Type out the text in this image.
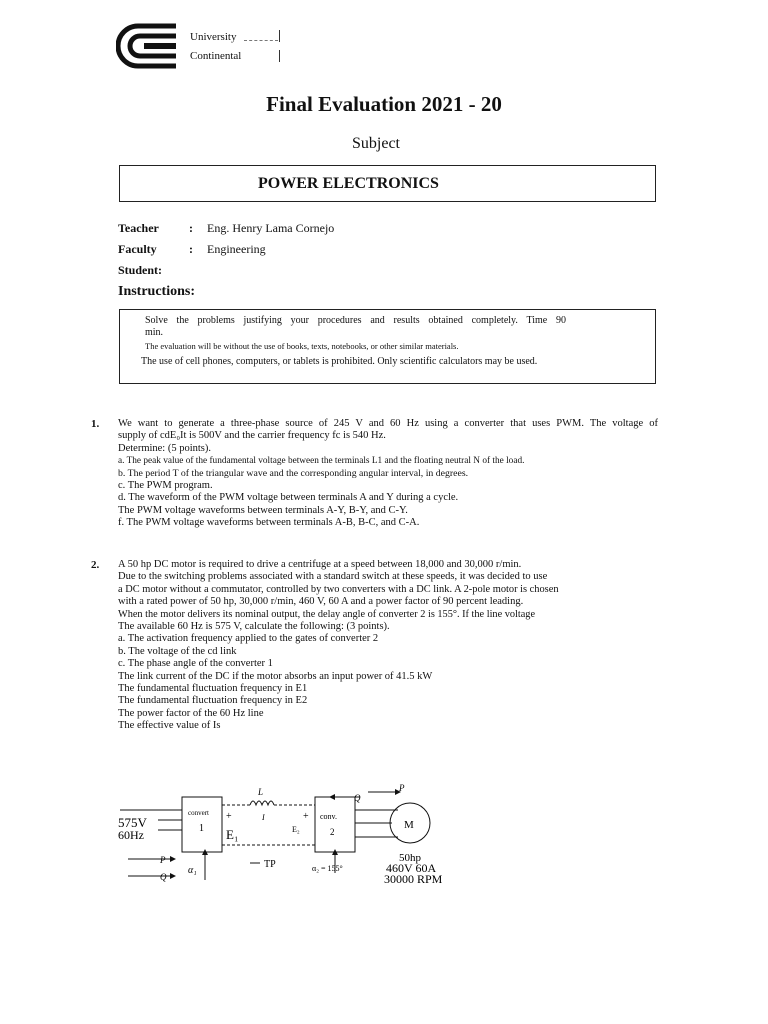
University
Continental
Final Evaluation 2021 - 20
Subject
POWER ELECTRONICS
Teacher	: Eng. Henry Lama Cornejo
Faculty	: Engineering
Student:
Instructions:
Solve the problems justifying your procedures and results obtained completely. Time 90
min.
The evaluation will be without the use of books, texts, notebooks, or other similar materials.
The use of cell phones, computers, or tablets is prohibited. Only scientific calculators may be used.
1. We want to generate a three-phase source of 245 V and 60 Hz using a converter that uses PWM. The voltage of
supply of cdE₀It is 500V and the carrier frequency fc is 540 Hz.
Determine: (5 points).
a. The peak value of the fundamental voltage between the terminals L1 and the floating neutral N of the load.
b. The period T of the triangular wave and the corresponding angular interval, in degrees.
c. The PWM program.
d. The waveform of the PWM voltage between terminals A and Y during a cycle.
The PWM voltage waveforms between terminals A-Y, B-Y, and C-Y.
f. The PWM voltage waveforms between terminals A-B, B-C, and C-A.
2. A 50 hp DC motor is required to drive a centrifuge at a speed between 18,000 and 30,000 r/min.
Due to the switching problems associated with a standard switch at these speeds, it was decided to use
a DC motor without a commutator, controlled by two converters with a DC link. A 2-pole motor is chosen
with a rated power of 50 hp, 30,000 r/min, 460 V, 60 A and a power factor of 90 percent leading.
When the motor delivers its nominal output, the delay angle of converter 2 is 155°. If the line voltage
The available 60 Hz is 575 V, calculate the following: (3 points).
a. The activation frequency applied to the gates of converter 2
b. The voltage of the cd link
c. The phase angle of the converter 1
The link current of the DC if the motor absorbs an input power of 41.5 kW
The fundamental fluctuation frequency in E1
The fundamental fluctuation frequency in E2
The power factor of the 60 Hz line
The effective value of Is
575V
60Hz
convert
1
+
E₁
L
I	+
E₂
conv.
2
M
α₁	α₂ = 155°
TP
P
Q
P
Q
50hp
460V 60A
30000 RPM
